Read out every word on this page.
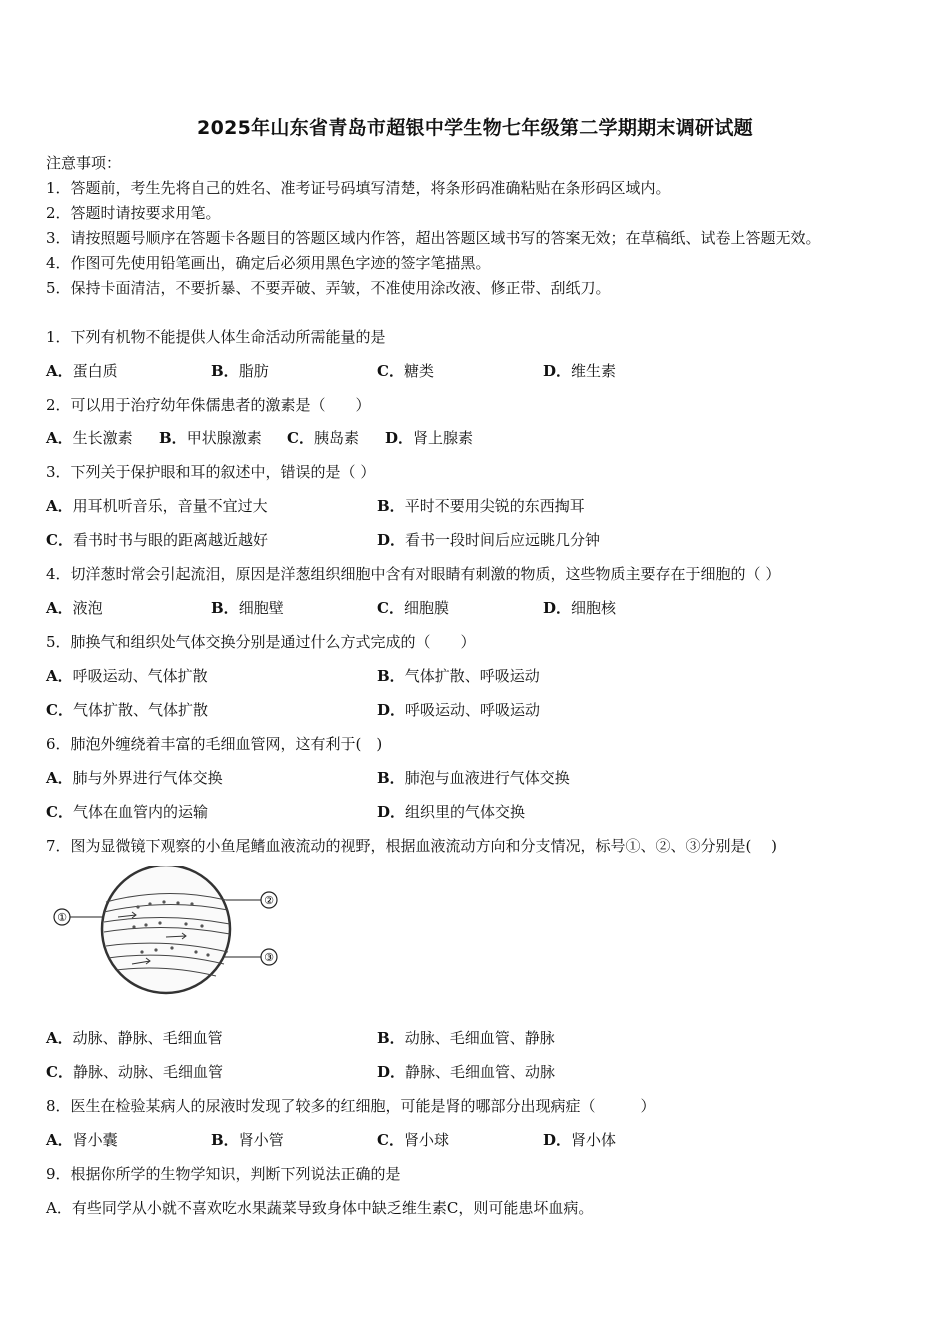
2025年山东省青岛市超银中学生物七年级第二学期期末调研试题
注意事项：
1．答题前，考生先将自己的姓名、准考证号码填写清楚，将条形码准确粘贴在条形码区域内。
2．答题时请按要求用笔。
3．请按照题号顺序在答题卡各题目的答题区域内作答，超出答题区域书写的答案无效；在草稿纸、试卷上答题无效。
4．作图可先使用铅笔画出，确定后必须用黑色字迹的签字笔描黑。
5．保持卡面清洁，不要折暴、不要弄破、弄皱，不准使用涂改液、修正带、刮纸刀。
1．下列有机物不能提供人体生命活动所需能量的是
A．蛋白质	B．脂肪	C．糖类	D．维生素
2．可以用于治疗幼年侏儒患者的激素是（　　）
A．生长激素 B．甲状腺激素 C．胰岛素 D．肾上腺素
3．下列关于保护眼和耳的叙述中，错误的是（ ）
A．用耳机听音乐，音量不宜过大	B．平时不要用尖锐的东西掏耳
C．看书时书与眼的距离越近越好	D．看书一段时间后应远眺几分钟
4．切洋葱时常会引起流泪，原因是洋葱组织细胞中含有对眼睛有刺激的物质，这些物质主要存在于细胞的（ ）
A．液泡	B．细胞壁	C．细胞膜	D．细胞核
5．肺换气和组织处气体交换分别是通过什么方式完成的（　　）
A．呼吸运动、气体扩散	B．气体扩散、呼吸运动
C．气体扩散、气体扩散	D．呼吸运动、呼吸运动
6．肺泡外缠绕着丰富的毛细血管网，这有利于(　)
A．肺与外界进行气体交换	B．肺泡与血液进行气体交换
C．气体在血管内的运输	D．组织里的气体交换
7．图为显微镜下观察的小鱼尾鳍血液流动的视野，根据血液流动方向和分支情况，标号①、②、③分别是(　 )
①
②
③
A．动脉、静脉、毛细血管	B．动脉、毛细血管、静脉
C．静脉、动脉、毛细血管	D．静脉、毛细血管、动脉
8．医生在检验某病人的尿液时发现了较多的红细胞，可能是肾的哪部分出现病症（　　　）
A．肾小囊	B．肾小管	C．肾小球	D．肾小体
9．根据你所学的生物学知识，判断下列说法正确的是
A．有些同学从小就不喜欢吃水果蔬菜导致身体中缺乏维生素C，则可能患坏血病。
